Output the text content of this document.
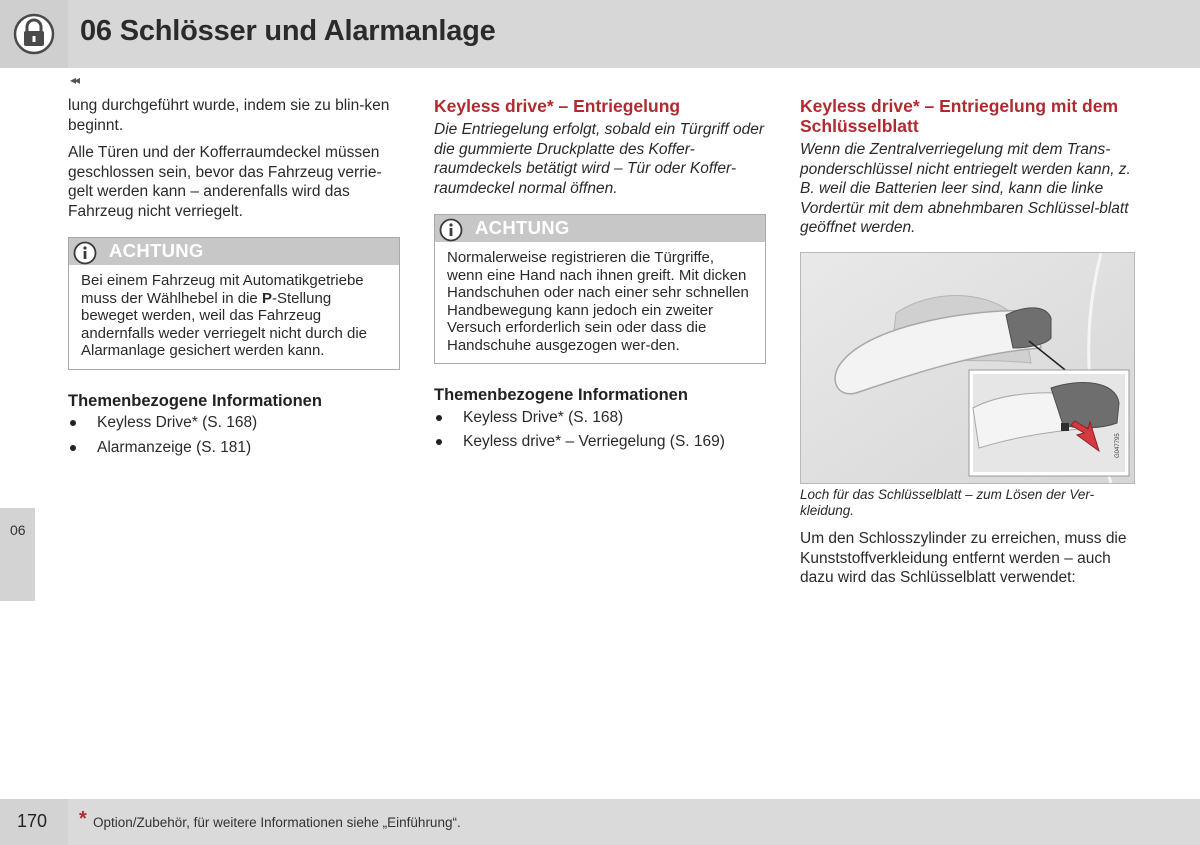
06 Schlösser und Alarmanlage
◂◂
06

lung durchgeführt wurde, indem sie zu blin-ken beginnt.

Alle Türen und der Kofferraumdeckel müssen geschlossen sein, bevor das Fahrzeug verrie-gelt werden kann – anderenfalls wird das Fahrzeug nicht verriegelt.

ACHTUNG
Bei einem Fahrzeug mit Automatikgetriebe muss der Wählhebel in die P-Stellung beweget werden, weil das Fahrzeug andernfalls weder verriegelt nicht durch die Alarmanlage gesichert werden kann.
Themenbezogene Informationen
Keyless Drive* (S. 168)
Alarmanzeige (S. 181)
Keyless drive* – Entriegelung

Die Entriegelung erfolgt, sobald ein Türgriff oder die gummierte Druckplatte des Koffer-raumdeckels betätigt wird – Tür oder Koffer-raumdeckel normal öffnen.

ACHTUNG
Normalerweise registrieren die Türgriffe, wenn eine Hand nach ihnen greift. Mit dicken Handschuhen oder nach einer sehr schnellen Handbewegung kann jedoch ein zweiter Versuch erforderlich sein oder dass die Handschuhe ausgezogen wer-den.
Themenbezogene Informationen
Keyless Drive* (S. 168)
Keyless drive* – Verriegelung (S. 169)
Keyless drive* – Entriegelung mit dem Schlüsselblatt

Wenn die Zentralverriegelung mit dem Trans-ponderschlüssel nicht entriegelt werden kann, z. B. weil die Batterien leer sind, kann die linke Vordertür mit dem abnehmbaren Schlüssel-blatt geöffnet werden.

G047795
Loch für das Schlüsselblatt – zum Lösen der Ver-kleidung.
Um den Schlosszylinder zu erreichen, muss die Kunststoffverkleidung entfernt werden – auch dazu wird das Schlüsselblatt verwendet:
170 * Option/Zubehör, für weitere Informationen siehe „Einführung“.
